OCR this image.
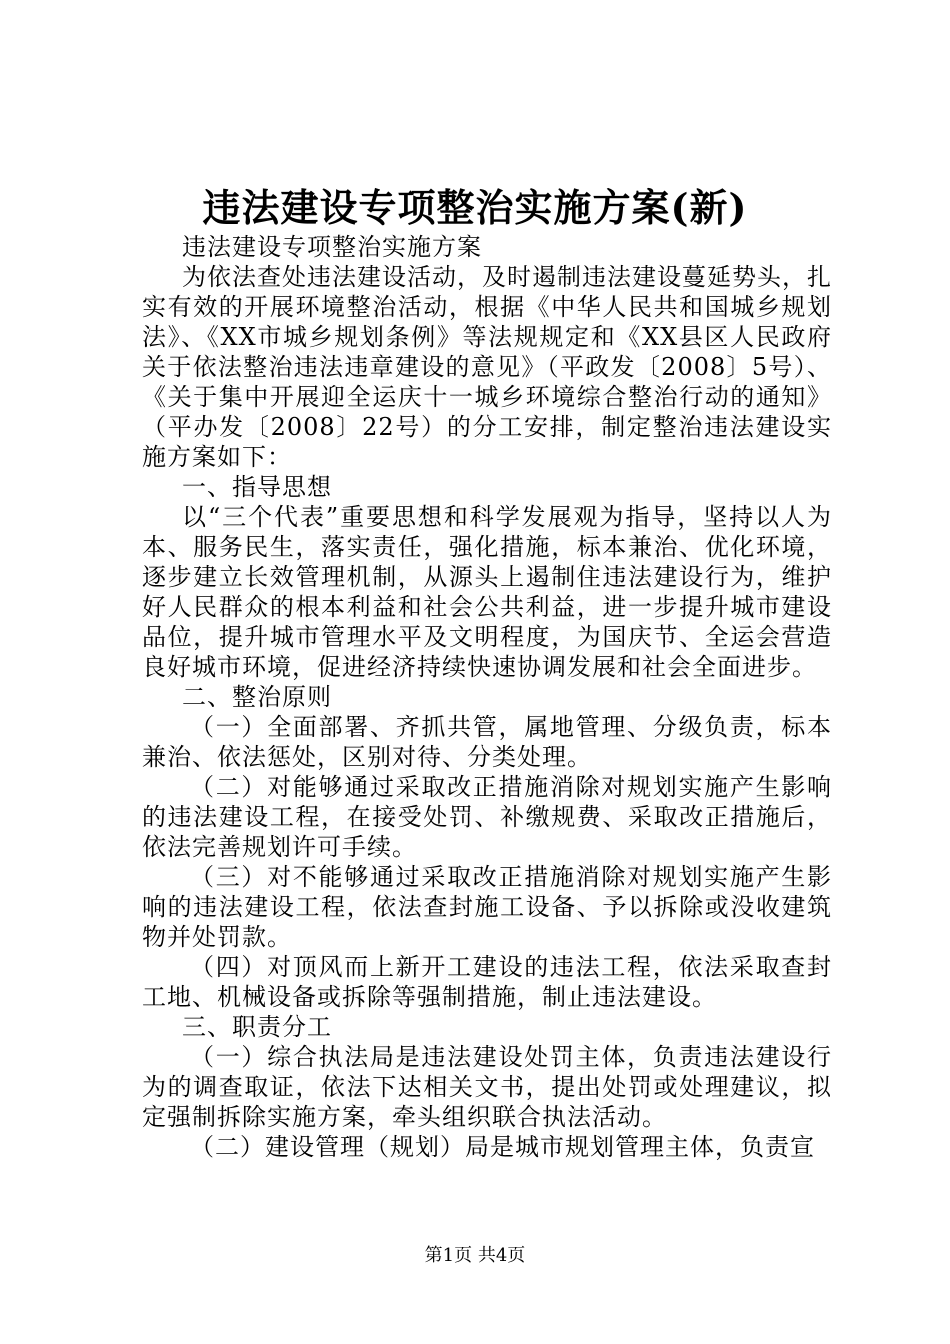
违法建设专项整治实施方案(新)

违法建设专项整治实施方案

为依法查处违法建设活动，及时遏制违法建设蔓延势头，扎实有效的开展环境整治活动，根据《中华人民共和国城乡规划法》、《XX市城乡规划条例》等法规规定和《XX县区人民政府关于依法整治违法违章建设的意见》（平政发〔2008〕5号）、《关于集中开展迎全运庆十一城乡环境综合整治行动的通知》（平办发〔2008〕22号）的分工安排，制定整治违法建设实施方案如下：

一、指导思想

以“三个代表”重要思想和科学发展观为指导，坚持以人为本、服务民生，落实责任，强化措施，标本兼治、优化环境，逐步建立长效管理机制，从源头上遏制住违法建设行为，维护好人民群众的根本利益和社会公共利益，进一步提升城市建设品位，提升城市管理水平及文明程度，为国庆节、全运会营造良好城市环境，促进经济持续快速协调发展和社会全面进步。

二、整治原则

（一）全面部署、齐抓共管，属地管理、分级负责，标本兼治、依法惩处，区别对待、分类处理。

（二）对能够通过采取改正措施消除对规划实施产生影响的违法建设工程，在接受处罚、补缴规费、采取改正措施后，依法完善规划许可手续。

（三）对不能够通过采取改正措施消除对规划实施产生影响的违法建设工程，依法查封施工设备、予以拆除或没收建筑物并处罚款。

（四）对顶风而上新开工建设的违法工程，依法采取查封工地、机械设备或拆除等强制措施，制止违法建设。

三、职责分工

（一）综合执法局是违法建设处罚主体，负责违法建设行为的调查取证，依法下达相关文书，提出处罚或处理建议，拟定强制拆除实施方案，牵头组织联合执法活动。

（二）建设管理（规划）局是城市规划管理主体，负责宣

第1页 共4页
